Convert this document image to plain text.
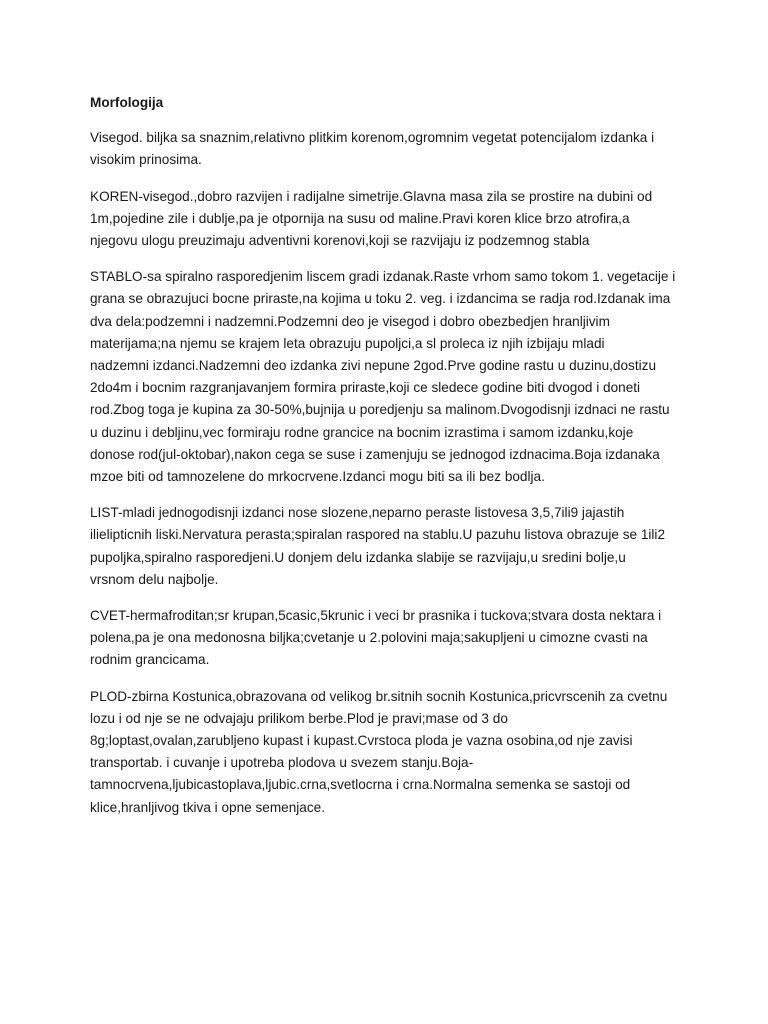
Morfologija
Visegod. biljka sa snaznim,relativno plitkim korenom,ogromnim vegetat potencijalom izdanka i
visokim prinosima.
KOREN-visegod.,dobro razvijen i radijalne simetrije.Glavna masa zila se prostire na dubini od
1m,pojedine zile i dublje,pa je otpornija na susu od maline.Pravi koren klice brzo atrofira,a
njegovu ulogu preuzimaju adventivni korenovi,koji se razvijaju iz podzemnog stabla
STABLO-sa spiralno rasporedjenim liscem gradi izdanak.Raste vrhom samo tokom 1. vegetacije i
grana se obrazujuci bocne priraste,na kojima u toku 2. veg. i izdancima se radja rod.Izdanak ima
dva dela:podzemni i nadzemni.Podzemni deo je visegod i dobro obezbedjen hranljivim
materijama;na njemu se krajem leta obrazuju pupoljci,a sl proleca iz njih izbijaju mladi
nadzemni izdanci.Nadzemni deo izdanka zivi nepune 2god.Prve godine rastu u duzinu,dostizu
2do4m i bocnim razgranjavanjem formira priraste,koji ce sledece godine biti dvogod i doneti
rod.Zbog toga je kupina za 30-50%,bujnija u poredjenju sa malinom.Dvogodisnji izdnaci ne rastu
u duzinu i debljinu,vec formiraju rodne grancice na bocnim izrastima i samom izdanku,koje
donose rod(jul-oktobar),nakon cega se suse i zamenjuju se jednogod izdnacima.Boja izdanaka
mzoe biti od tamnozelene do mrkocrvene.Izdanci mogu biti sa ili bez bodlja.
LIST-mladi jednogodisnji izdanci nose slozene,neparno peraste listovesa 3,5,7ili9 jajastih
ilielipticnih liski.Nervatura perasta;spiralan raspored na stablu.U pazuhu listova obrazuje se 1ili2
pupoljka,spiralno rasporedjeni.U donjem delu izdanka slabije se razvijaju,u sredini bolje,u
vrsnom delu najbolje.
CVET-hermafroditan;sr krupan,5casic,5krunic i veci br prasnika i tuckova;stvara dosta nektara i
polena,pa je ona medonosna biljka;cvetanje u 2.polovini maja;sakupljeni u cimozne cvasti na
rodnim grancicama.
PLOD-zbirna Kostunica,obrazovana od velikog br.sitnih socnih Kostunica,pricvrscenih za cvetnu
lozu i od nje se ne odvajaju prilikom berbe.Plod je pravi;mase od 3 do
8g;loptast,ovalan,zarubljeno kupast i kupast.Cvrstoca ploda je vazna osobina,od nje zavisi
transportab. i cuvanje i upotreba plodova u svezem stanju.Boja-
tamnocrvena,ljubicastoplava,ljubic.crna,svetlocrna i crna.Normalna semenka se sastoji od
klice,hranljivog tkiva i opne semenjace.
